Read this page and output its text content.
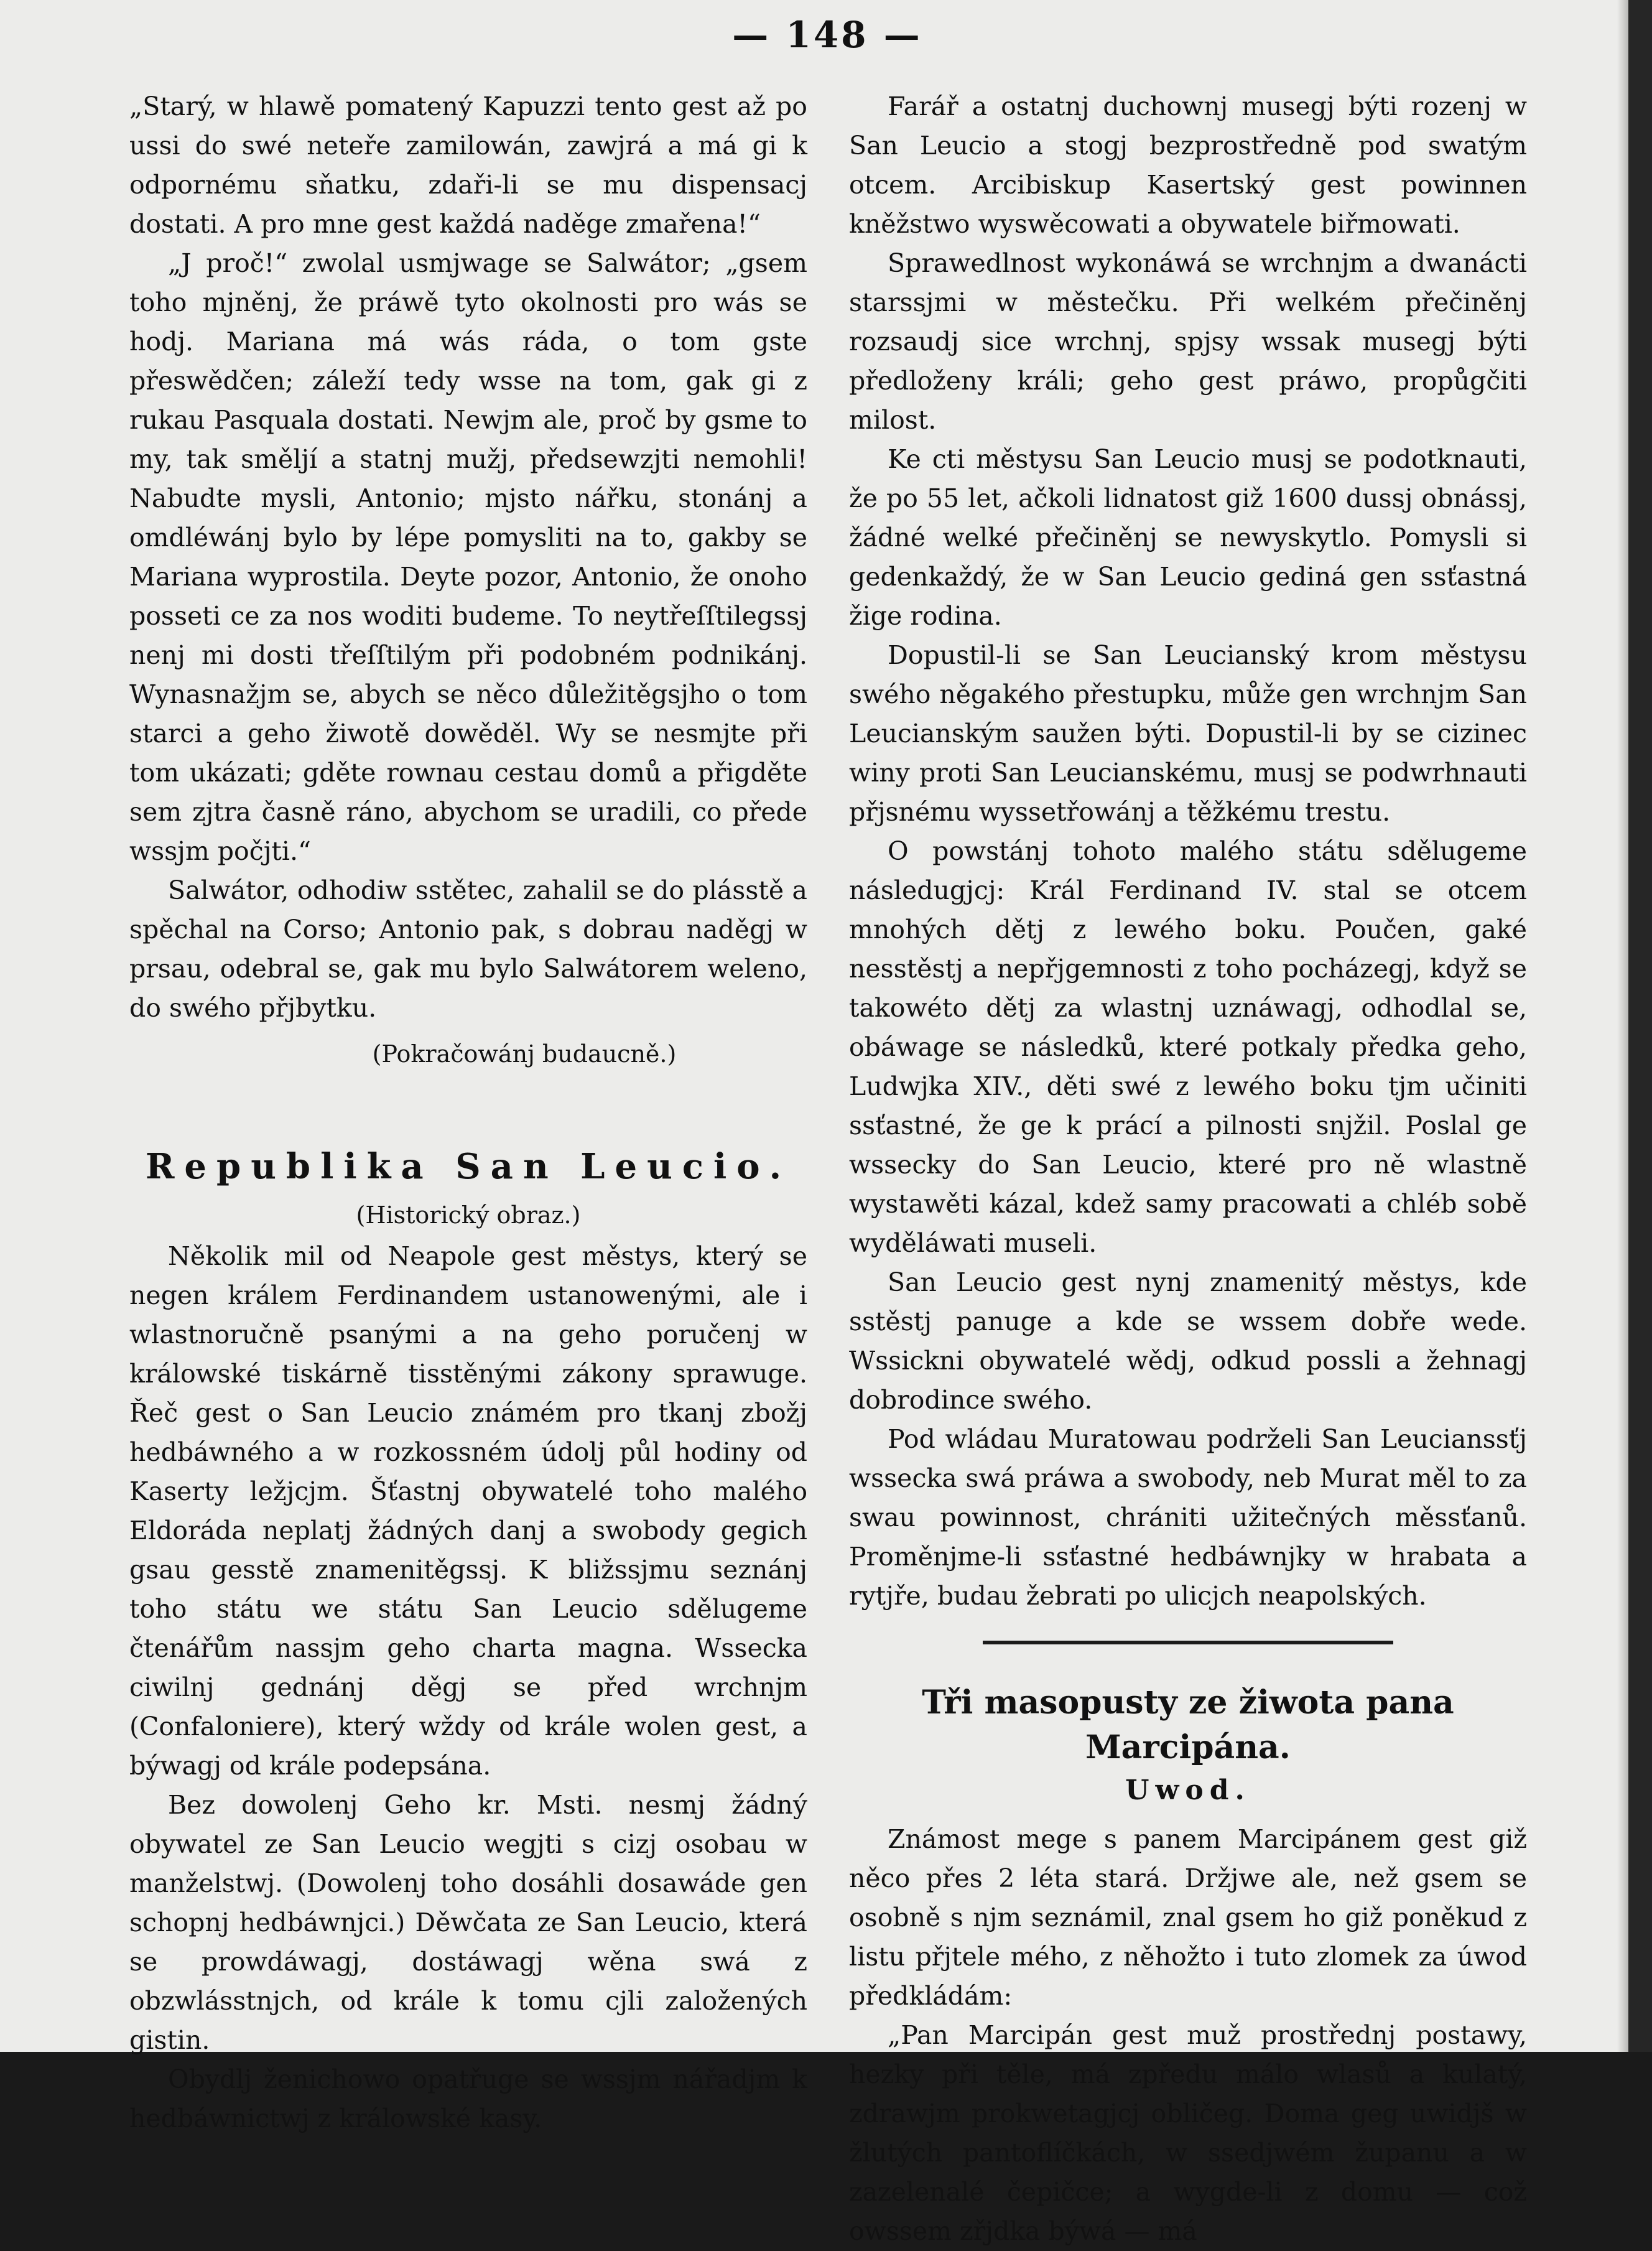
— 148 —

„Starý, w hlawě pomatený Kapuzzi tento gest až po ussi do swé neteře zamilowán, zawjrá a má gi k odpornému sňatku, zdaři-li se mu dispensacj dostati. A pro mne gest každá naděge zmařena!“

„J proč!“ zwolal usmjwage se Salwátor; „gsem toho mjněnj, že práwě tyto okolnosti pro wás se hodj. Mariana má wás ráda, o tom gste přeswědčen; záleží tedy wsse na tom, gak gi z rukau Pasquala dostati. Newjm ale, proč by gsme to my, tak směljí a statnj mužj, předsewzjti nemohli! Nabudte mysli, Antonio; mjsto nářku, stonánj a omdléwánj bylo by lépe pomysliti na to, gakby se Mariana wyprostila. Deyte pozor, Antonio, že onoho posseti ce za nos woditi budeme. To neytřeſſtilegssj nenj mi dosti třeſſtilým při podobném podnikánj. Wynasnažjm se, abych se něco důležitěgsjho o tom starci a geho žiwotě dowěděl. Wy se nesmjte při tom ukázati; gděte rownau cestau domů a přigděte sem zjtra časně ráno, abychom se uradili, co přede wssjm počjti.“

Salwátor, odhodiw sstětec, zahalil se do plásstě a spěchal na Corso; Antonio pak, s dobrau naděgj w prsau, odebral se, gak mu bylo Salwátorem weleno, do swého přjbytku.

(Pokračowánj budaucně.)
Republika San Leucio.
(Historický obraz.)

Několik mil od Neapole gest městys, který se negen králem Ferdinandem ustanowenými, ale i wlastnoručně psanými a na geho poručenj w králowské tiskárně tisstěnými zákony sprawuge. Řeč gest o San Leucio známém pro tkanj zbožj hedbáwného a w rozkossném údolj půl hodiny od Kaserty ležjcjm. Šťastnj obywatelé toho malého Eldoráda neplatj žádných danj a swobody gegich gsau gesstě znamenitěgssj. K bližssjmu seznánj toho státu we státu San Leucio sdělugeme čtenářům nassjm geho charta magna. Wssecka ciwilnj gednánj děgj se před wrchnjm (Confaloniere), který wždy od krále wolen gest, a býwagj od krále podepsána.

Bez dowolenj Geho kr. Msti. nesmj žádný obywatel ze San Leucio wegjti s cizj osobau w manželstwj. (Dowolenj toho dosáhli dosawáde gen schopnj hedbáwnjci.) Děwčata ze San Leucio, která se prowdáwagj, dostáwagj wěna swá z obzwlásstnjch, od krále k tomu cjli založených gistin.

Obydlj ženichowo opatřuge se wssjm nářadjm k hedbáwnictwj z králowské kasy.

Farář a ostatnj duchownj musegj býti rozenj w San Leucio a stogj bezprostředně pod swatým otcem. Arcibiskup Kasertský gest powinnen kněžstwo wyswěcowati a obywatele biřmowati.

Sprawedlnost wykonáwá se wrchnjm a dwanácti starssjmi w městečku. Při welkém přečiněnj rozsaudj sice wrchnj, spjsy wssak musegj býti předloženy králi; geho gest práwo, propůgčiti milost.

Ke cti městysu San Leucio musj se podotknauti, že po 55 let, ačkoli lidnatost giž 1600 dussj obnássj, žádné welké přečiněnj se newyskytlo. Pomysli si gedenkaždý, že w San Leucio gediná gen ssťastná žige rodina.

Dopustil-li se San Leucianský krom městysu swého něgakého přestupku, může gen wrchnjm San Leucianským saužen býti. Dopustil-li by se cizinec winy proti San Leucianskému, musj se podwrhnauti přjsnému wyssetřowánj a těžkému trestu.

O powstánj tohoto malého státu sdělugeme následugjcj: Král Ferdinand IV. stal se otcem mnohých dětj z lewého boku. Poučen, gaké nesstěstj a nepřjgemnosti z toho pocházegj, když se takowéto dětj za wlastnj uznáwagj, odhodlal se, obáwage se následků, které potkaly předka geho, Ludwjka XIV., děti swé z lewého boku tjm učiniti ssťastné, že ge k prácí a pilnosti snjžil. Poslal ge wssecky do San Leucio, které pro ně wlastně wystawěti kázal, kdež samy pracowati a chléb sobě wyděláwati museli.

San Leucio gest nynj znamenitý městys, kde sstěstj panuge a kde se wssem dobře wede. Wssickni obywatelé wědj, odkud possli a žehnagj dobrodince swého.

Pod wládau Muratowau podrželi San Leucianssťj wssecka swá práwa a swobody, neb Murat měl to za swau powinnost, chrániti užitečných měssťanů. Proměnjme-li ssťastné hedbáwnjky w hrabata a rytjře, budau žebrati po ulicjch neapolských.

Tři masopusty ze žiwota pana Marcipána.
Uwod.

Známost mege s panem Marcipánem gest giž něco přes 2 léta stará. Držjwe ale, než gsem se osobně s njm seznámil, znal gsem ho giž poněkud z listu přjtele mého, z něhožto i tuto zlomek za úwod předkládám:

„Pan Marcipán gest muž prostřednj postawy, hezky při těle, má zpředu málo wlasů a kulatý, zdrawjm prokwetagjcj obličeg. Doma geg uwidjš w žlutých pantoflíčkách, w ssedjwém županu a w zazelenalé čepičce; a wygde-li z domu — což owssem zřjdka býwá — má
